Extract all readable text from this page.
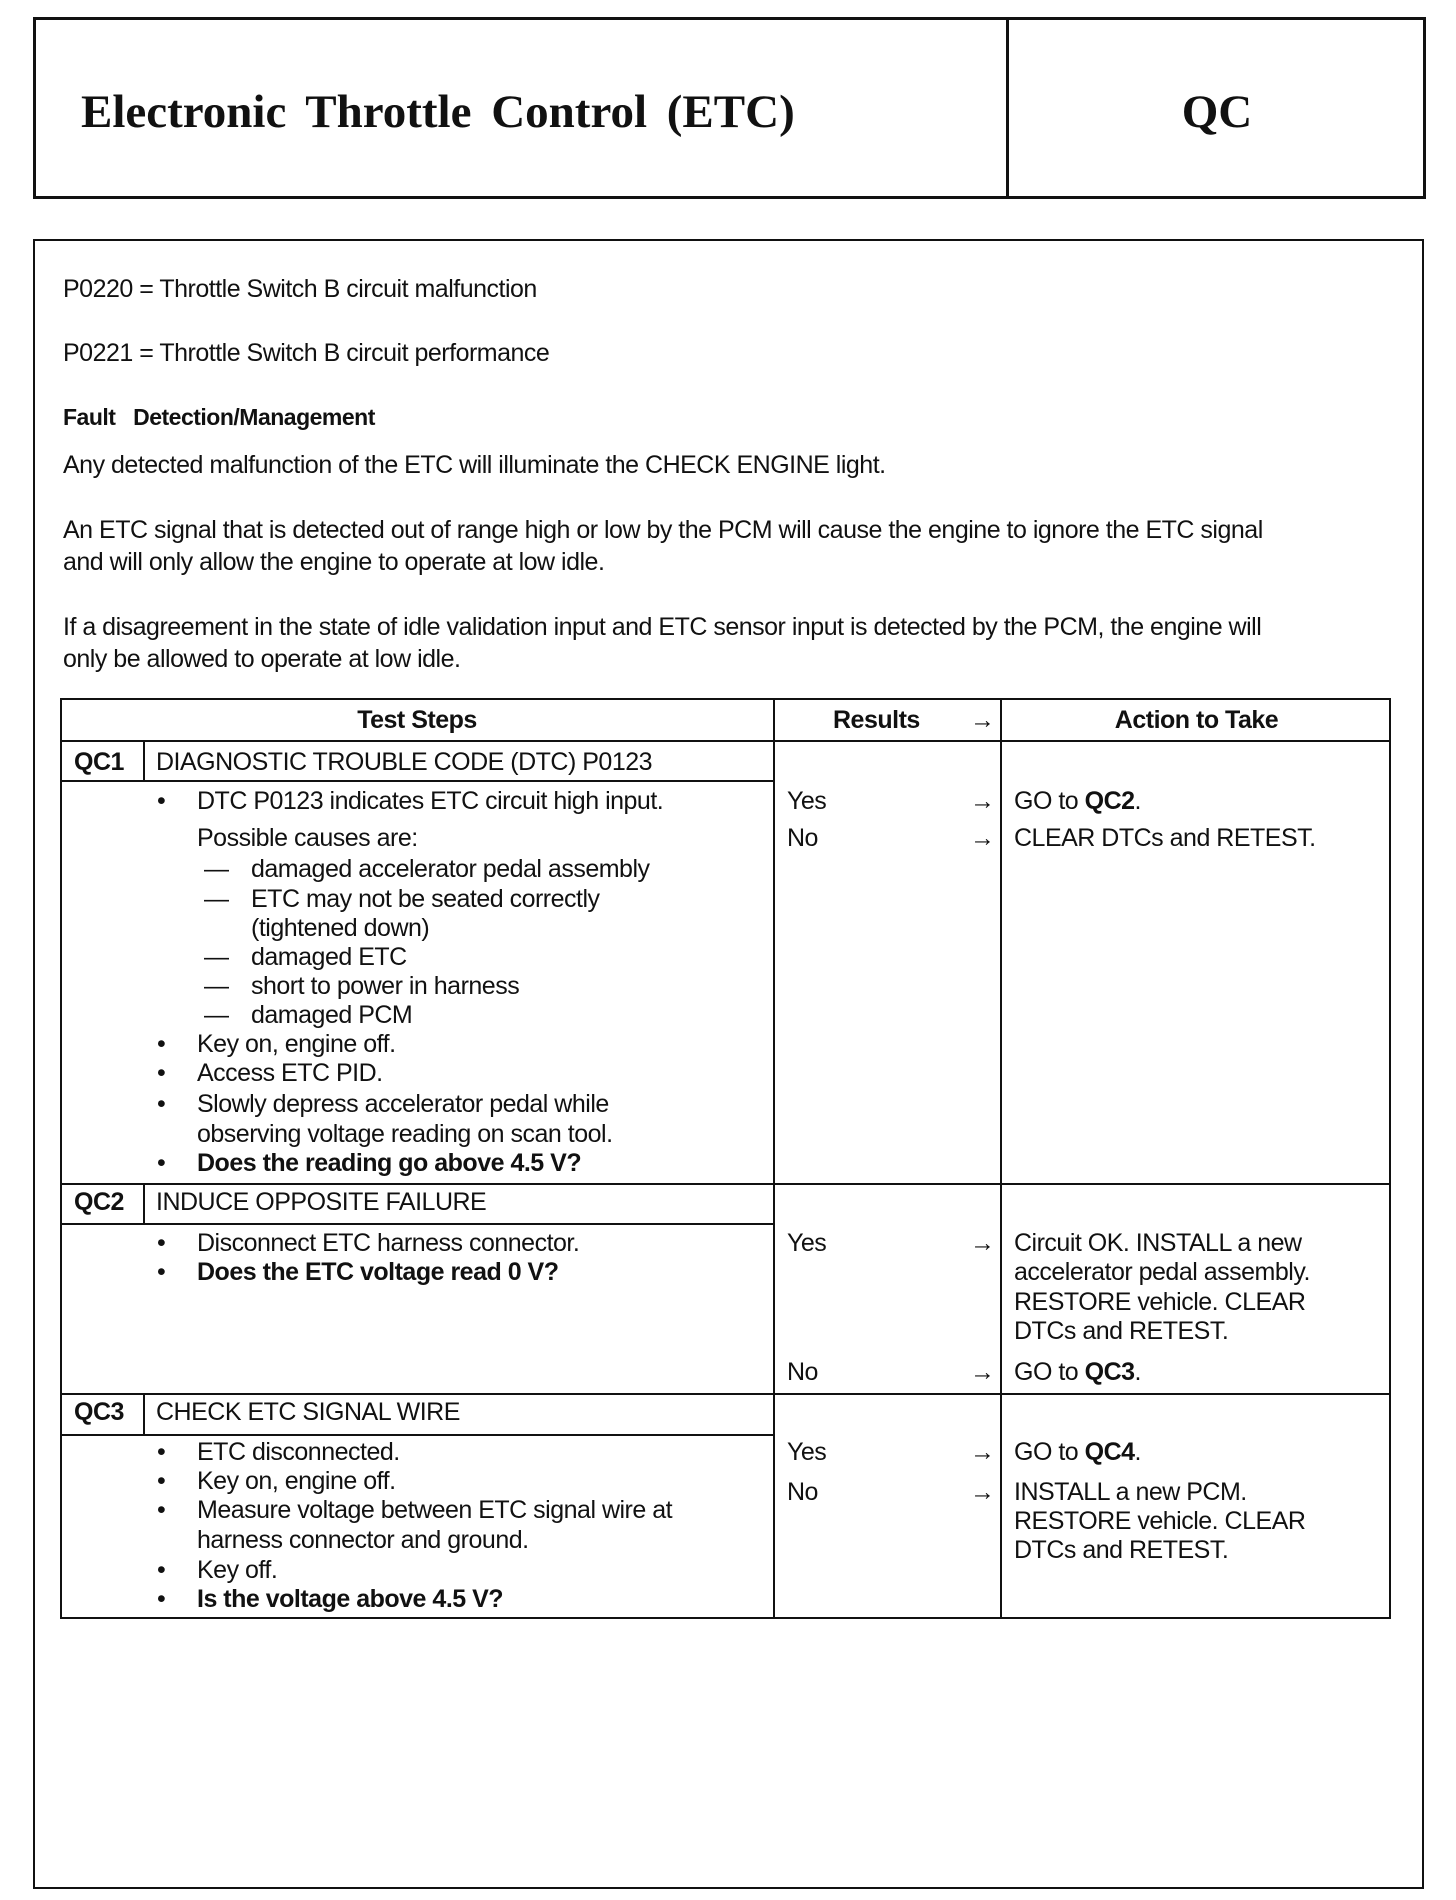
Electronic Throttle Control (ETC)	QC
P0220 = Throttle Switch B circuit malfunction
P0221 = Throttle Switch B circuit performance
Fault   Detection/Management
Any detected malfunction of the ETC will illuminate the CHECK ENGINE light.
An ETC signal that is detected out of range high or low by the PCM will cause the engine to ignore the ETC signal
and will only allow the engine to operate at low idle.
If a disagreement in the state of idle validation input and ETC sensor input is detected by the PCM, the engine will
only be allowed to operate at low idle.
Test Steps	Results →	Action to Take
QC1 DIAGNOSTIC TROUBLE CODE (DTC) P0123
• DTC P0123 indicates ETC circuit high input.
Possible causes are:
— damaged accelerator pedal assembly
— ETC may not be seated correctly
(tightened down)
— damaged ETC
— short to power in harness
— damaged PCM
• Key on, engine off.
• Access ETC PID.
• Slowly depress accelerator pedal while
observing voltage reading on scan tool.
• Does the reading go above 4.5 V?
Yes	→ GO to QC2.
No	→ CLEAR DTCs and RETEST.
QC2 INDUCE OPPOSITE FAILURE
• Disconnect ETC harness connector.
• Does the ETC voltage read 0 V?
Yes	→ Circuit OK. INSTALL a new
accelerator pedal assembly.
RESTORE vehicle. CLEAR
DTCs and RETEST.
No	→ GO to QC3.
QC3 CHECK ETC SIGNAL WIRE
• ETC disconnected.
• Key on, engine off.
• Measure voltage between ETC signal wire at
harness connector and ground.
• Key off.
• Is the voltage above 4.5 V?
Yes	→ GO to QC4.
No	→ INSTALL a new PCM.
RESTORE vehicle. CLEAR
DTCs and RETEST.
